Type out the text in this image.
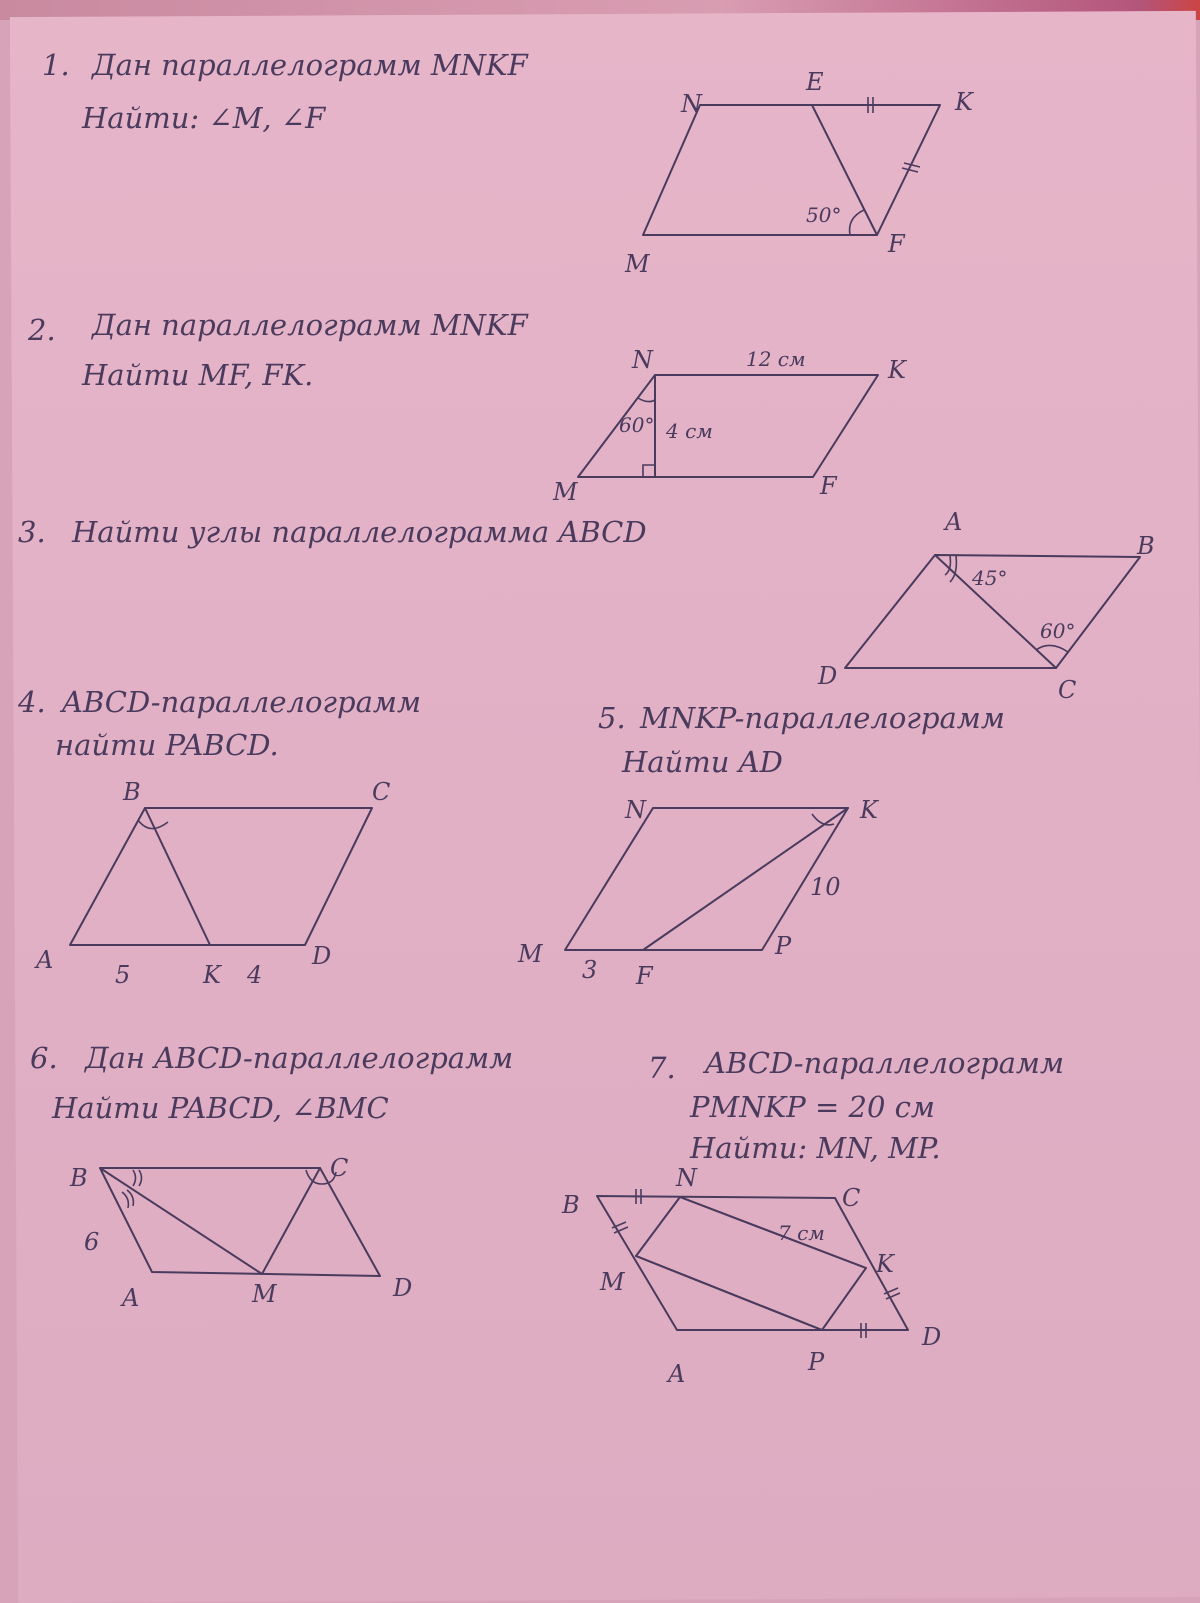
1. Дан параллелограмм MNKF
Найти: ∠M, ∠F
50°
N
E
K
M
F
2. Дан параллелограмм MNKF
Найти MF, FK.	12 см
4 см
60°
N	K
M	F
3. Найти углы параллелограмма ABCD
45°
60°
A
B
C
D
4. ABCD-параллелограмм
найти PABCD.
B	C
A	D
K
5	4
5. MNKP-параллелограмм
Найти AD
N	K
M	P
F
10
3
6. Дан ABCD-параллелограмм
Найти PABCD, ∠BMC
B	C
A	D
M
6
7. ABCD-параллелограмм
PMNKP = 20 см
Найти: MN, MP.
B	C
A
D
M
N
K
P
7 см
